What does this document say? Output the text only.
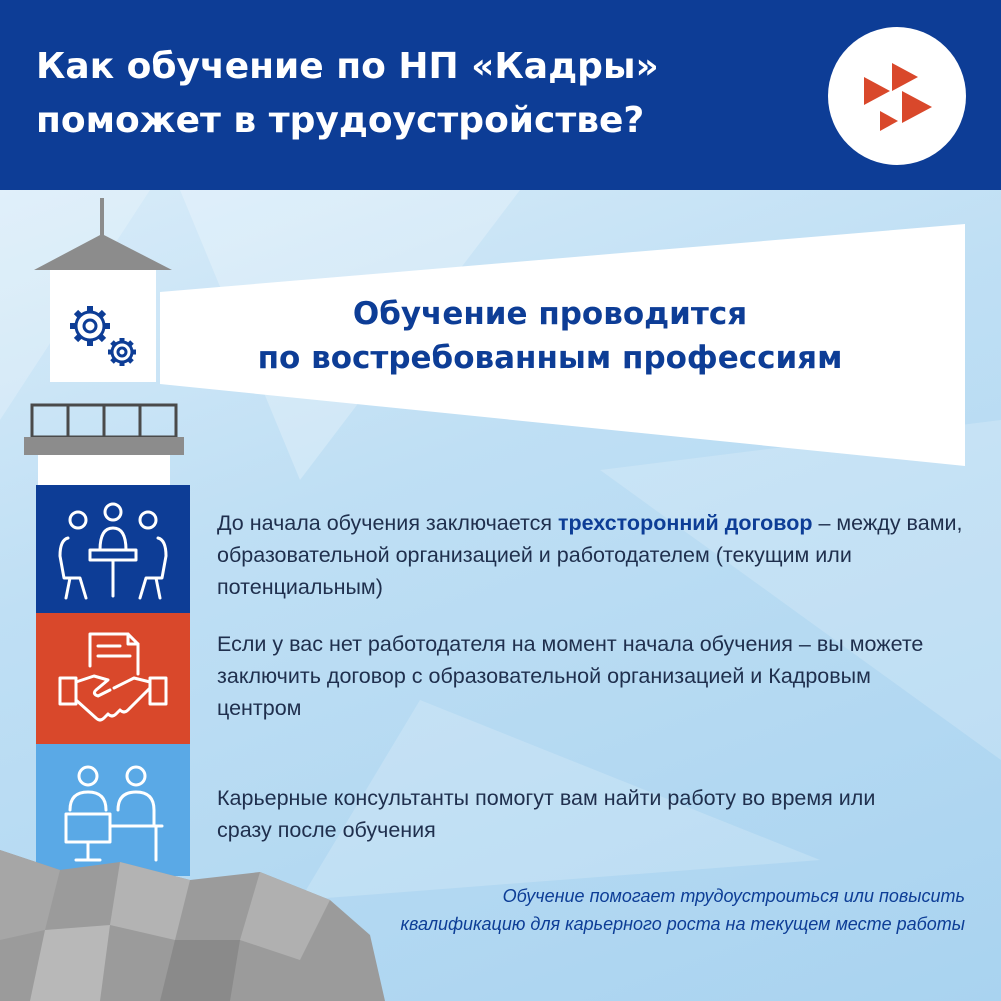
Как обучение по НП «Кадры»
поможет в трудоустройстве?
Обучение проводится
по востребованным профессиям
До начала обучения заключается трехсторонний договор – между вами, образовательной организацией и работодателем (текущим или потенциальным)
Если у вас нет работодателя на момент начала обучения – вы можете заключить договор с образовательной организацией и Кадровым центром
Карьерные консультанты помогут вам найти работу во время или сразу после обучения
Обучение помогает трудоустроиться или повысить квалификацию для карьерного роста на текущем месте работы
